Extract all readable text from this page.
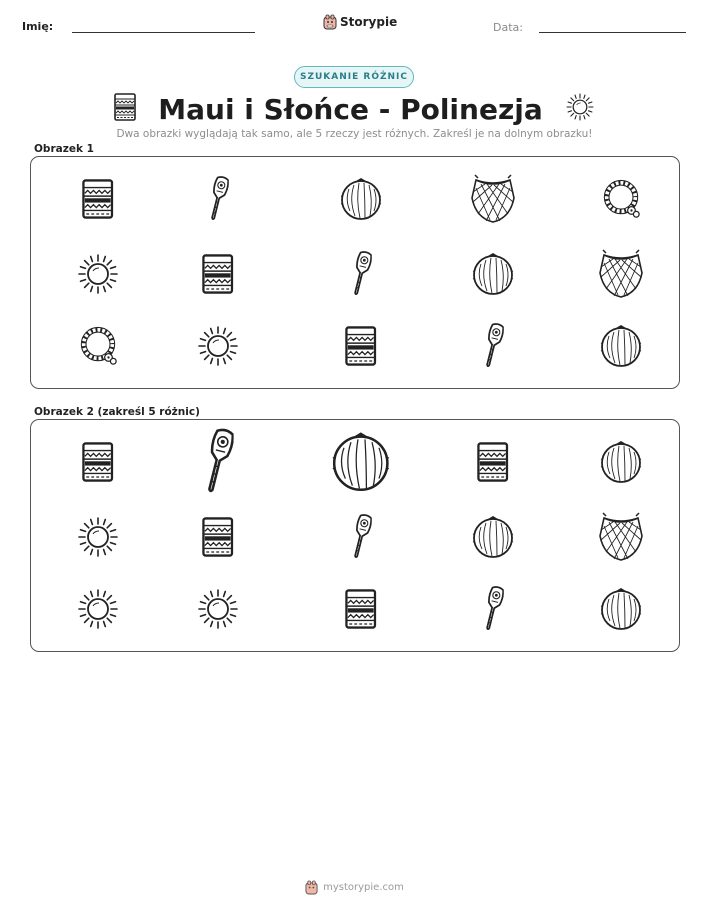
Imię:	Storypie	Data:
SZUKANIE RÓŻNIC
Maui i Słońce - Polinezja
Dwa obrazki wyglądają tak samo, ale 5 rzeczy jest różnych. Zakreśl je na dolnym obrazku!
Obrazek 1
Obrazek 2 (zakreśl 5 różnic)
mystorypie.com
